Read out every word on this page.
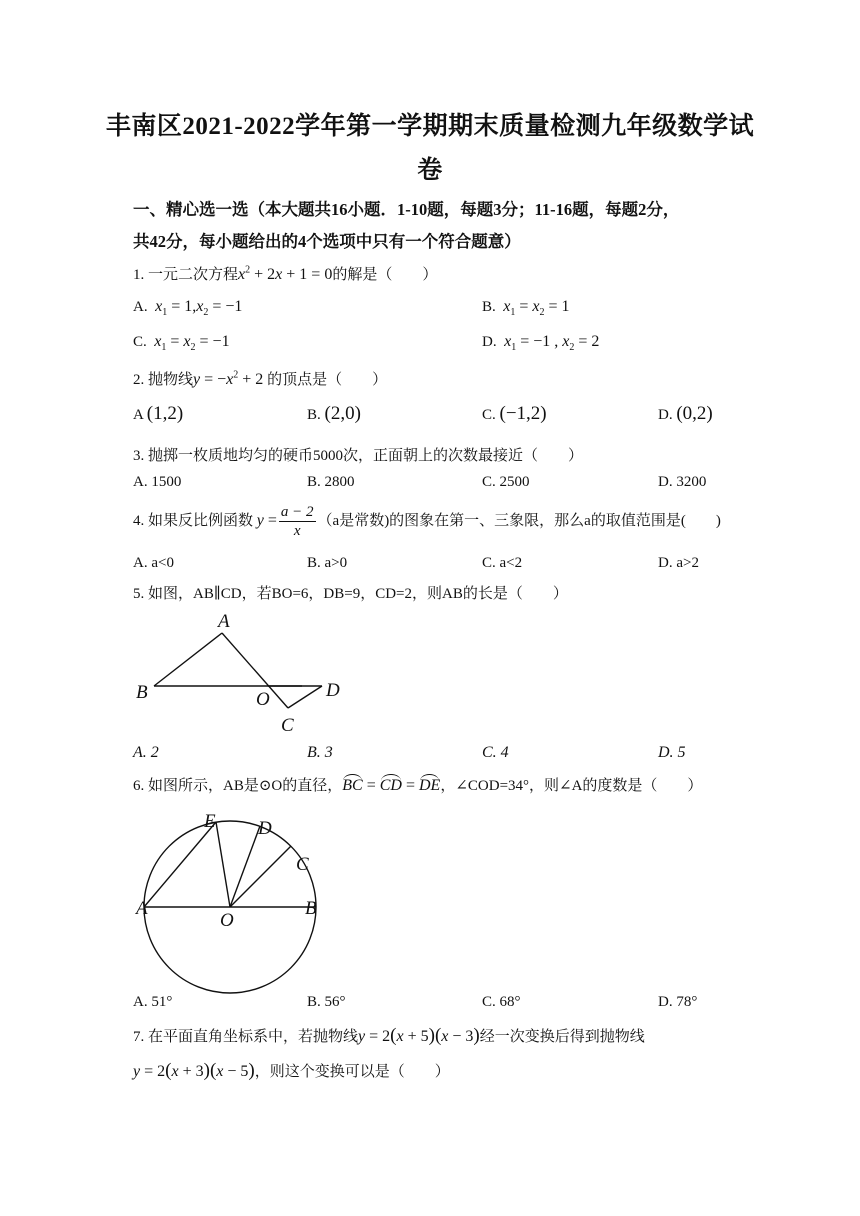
丰南区2021-2022学年第一学期期末质量检测九年级数学试
卷
一、精心选一选（本大题共16小题．1-10题，每题3分；11-16题，每题2分，
共42分，每小题给出的4个选项中只有一个符合题意）
1. 一元二次方程$x^2 + 2x + 1 = 0$的解是（　　）
A. $x_1 = 1,x_2 = -1$	B. $x_1 = x_2 = 1$
C. $x_1 = x_2 = -1$	D. $x_1 = -1$ , $x_2 = 2$
2. 抛物线$y = -x^2 + 2$ 的顶点是（　　）
A (1,2)	B. (2,0)	C. (−1,2)	D. (0,2)
3. 抛掷一枚质地均匀的硬币5000次，正面朝上的次数最接近（　　）
A. 1500	B. 2800	C. 2500	D. 3200
4. 如果反比例函数 $y = \frac{a - 2}{x} (a$是常数)的图象在第一、三象限，那么a的取值范围是(　　)
A. a<0	B. a>0	C. a<2	D. a>2
5. 如图，AB∥CD，若BO=6，DB=9，CD=2，则AB的长是（　　）
A
B	O
C
D
A. 2	B. 3	C. 4	D. 5
6. 如图所示，AB是⊙O的直径，BC = CD = DE，∠COD=34°，则∠A的度数是（　　）
E D
C
A
O
B
A. 51°	B. 56°	C. 68°	D. 78°
7. 在平面直角坐标系中，若抛物线y = 2(x + 5)(x − 3)经一次变换后得到抛物线
y = 2(x + 3)(x − 5)，则这个变换可以是（　　）
